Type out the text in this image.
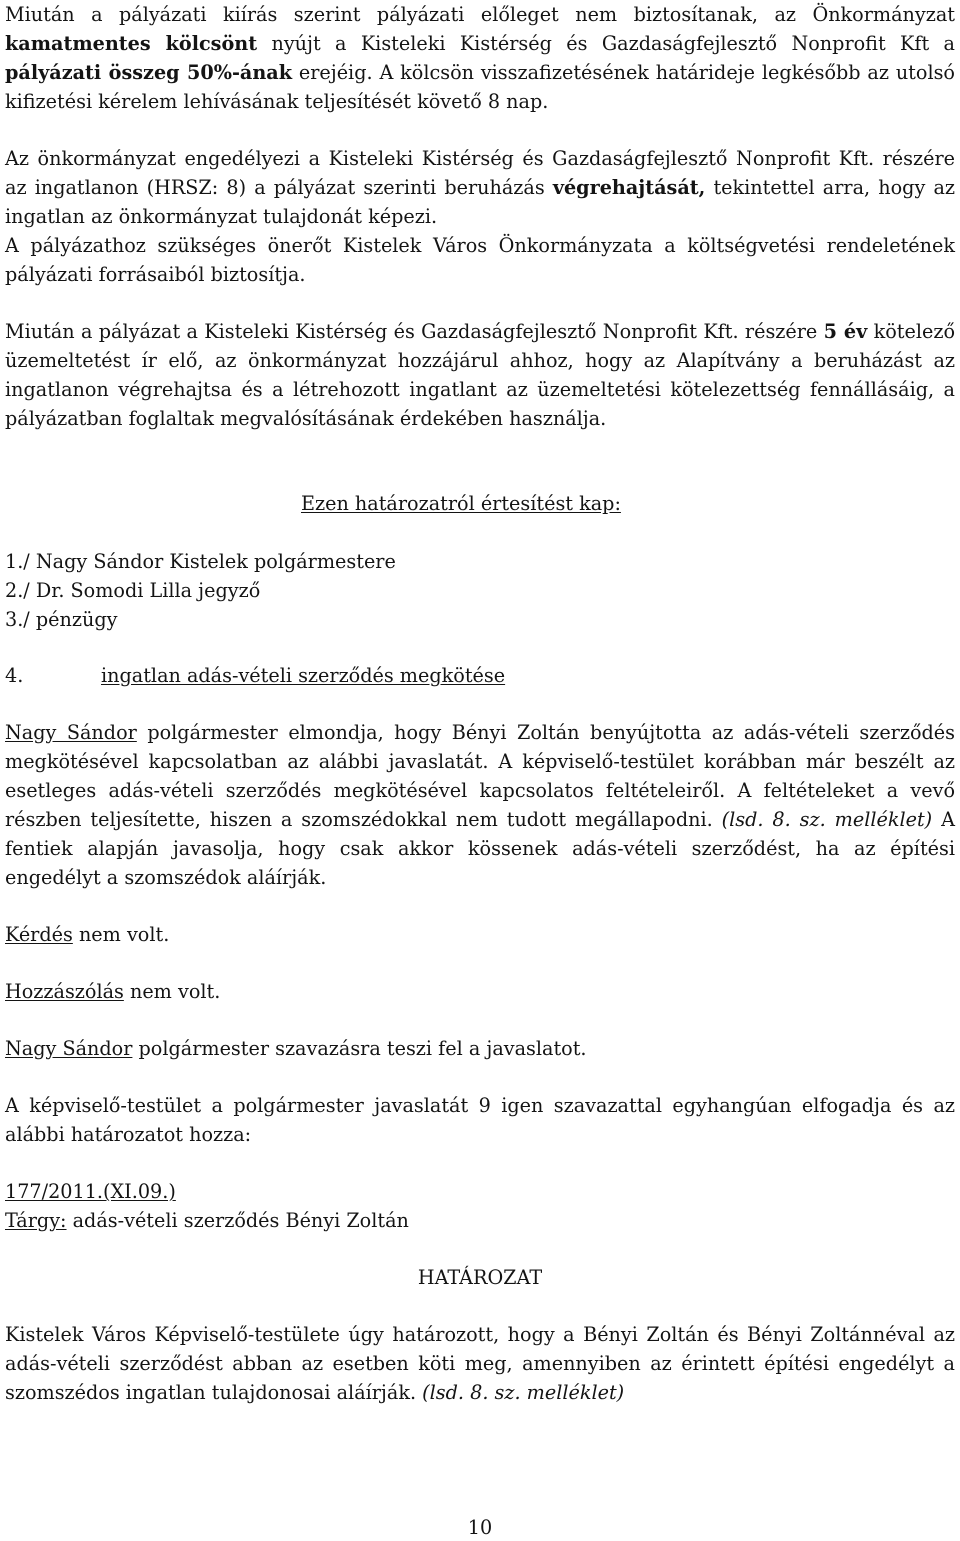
Miután a pályázati kiírás szerint pályázati előleget nem biztosítanak, az Önkormányzat kamatmentes kölcsönt nyújt a Kisteleki Kistérség és Gazdaságfejlesztő Nonprofit Kft a pályázati összeg 50%-ának erejéig. A kölcsön visszafizetésének határideje legkésőbb az utolsó kifizetési kérelem lehívásának teljesítését követő 8 nap.

Az önkormányzat engedélyezi a Kisteleki Kistérség és Gazdaságfejlesztő Nonprofit Kft. részére az ingatlanon (HRSZ: 8) a pályázat szerinti beruházás végrehajtását, tekintettel arra, hogy az ingatlan az önkormányzat tulajdonát képezi.

A pályázathoz szükséges önerőt Kistelek Város Önkormányzata a költségvetési rendeletének pályázati forrásaiból biztosítja.

Miután a pályázat a Kisteleki Kistérség és Gazdaságfejlesztő Nonprofit Kft. részére 5 év kötelező üzemeltetést ír elő, az önkormányzat hozzájárul ahhoz, hogy az Alapítvány a beruházást az ingatlanon végrehajtsa és a létrehozott ingatlant az üzemeltetési kötelezettség fennállásáig, a pályázatban foglaltak megvalósításának érdekében használja.

Ezen határozatról értesítést kap:
1./ Nagy Sándor Kistelek polgármestere
2./ Dr. Somodi Lilla jegyző
3./ pénzügy
4.	ingatlan adás-vételi szerződés megkötése

Nagy Sándor polgármester elmondja, hogy Bényi Zoltán benyújtotta az adás-vételi szerződés megkötésével kapcsolatban az alábbi javaslatát. A képviselő-testület korábban már beszélt az esetleges adás-vételi szerződés megkötésével kapcsolatos feltételeiről. A feltételeket a vevő részben teljesítette, hiszen a szomszédokkal nem tudott megállapodni. (lsd. 8. sz. melléklet) A fentiek alapján javasolja, hogy csak akkor kössenek adás-vételi szerződést, ha az építési engedélyt a szomszédok aláírják.

Kérdés nem volt.

Hozzászólás nem volt.

Nagy Sándor polgármester szavazásra teszi fel a javaslatot.

A képviselő-testület a polgármester javaslatát 9 igen szavazattal egyhangúan elfogadja és az alábbi határozatot hozza:

177/2011.(XI.09.)
Tárgy: adás-vételi szerződés Bényi Zoltán
HATÁROZAT

Kistelek Város Képviselő-testülete úgy határozott, hogy a Bényi Zoltán és Bényi Zoltánnéval az adás-vételi szerződést abban az esetben köti meg, amennyiben az érintett építési engedélyt a szomszédos ingatlan tulajdonosai aláírják. (lsd. 8. sz. melléklet)

10
